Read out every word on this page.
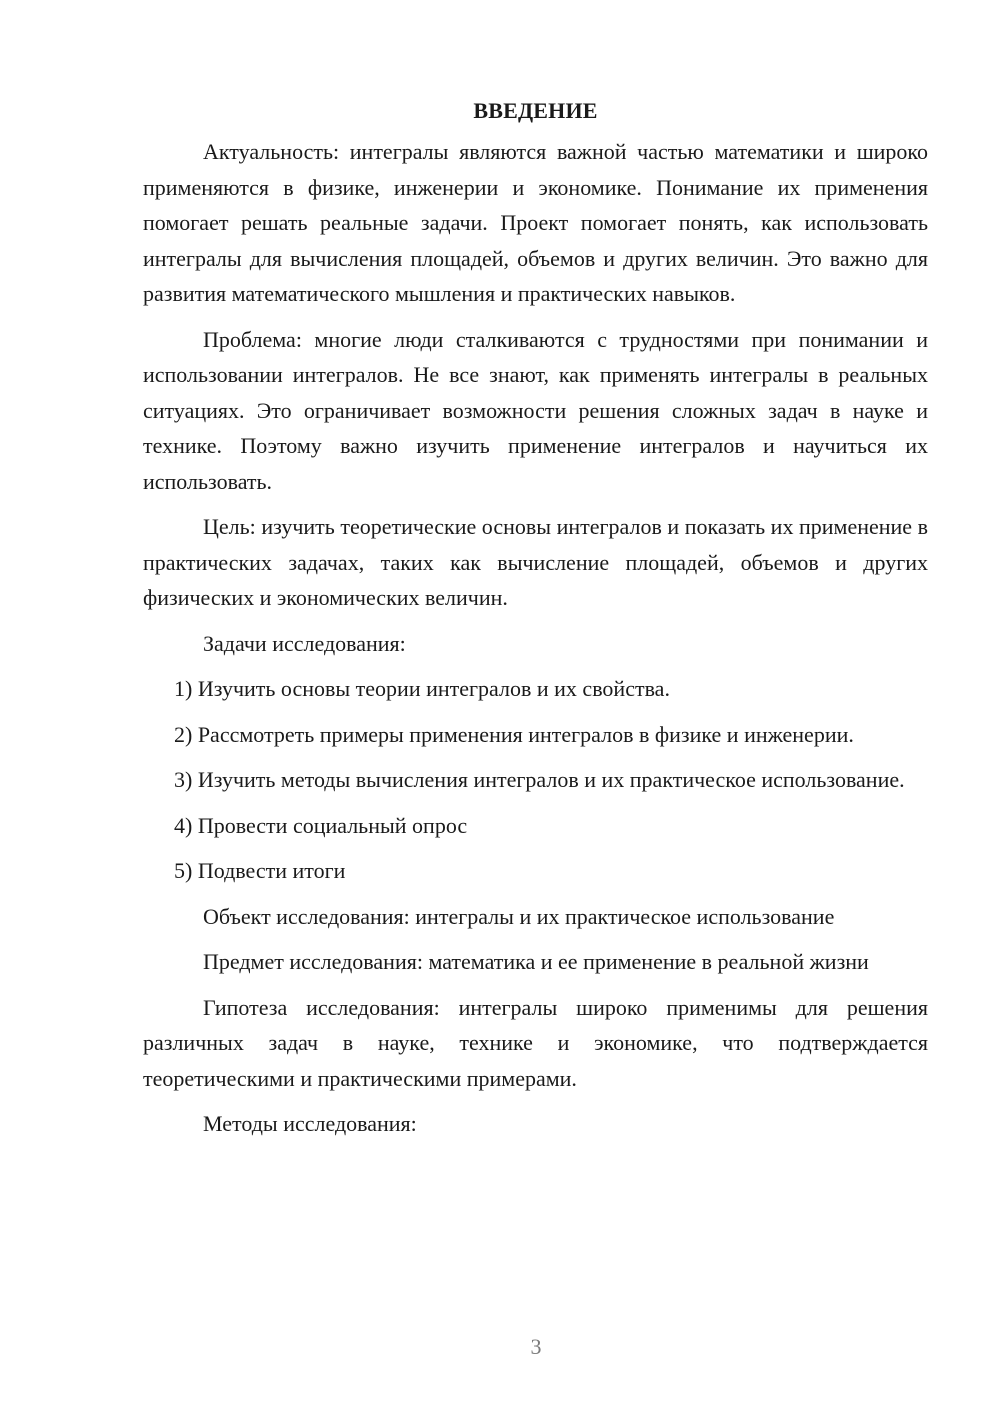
ВВЕДЕНИЕ

Актуальность: интегралы являются важной частью математики и широко применяются в физике, инженерии и экономике. Понимание их применения помогает решать реальные задачи. Проект помогает понять, как использовать интегралы для вычисления площадей, объемов и других величин. Это важно для развития математического мышления и практических навыков.

Проблема: многие люди сталкиваются с трудностями при понимании и использовании интегралов. Не все знают, как применять интегралы в реальных ситуациях. Это ограничивает возможности решения сложных задач в науке и технике. Поэтому важно изучить применение интегралов и научиться их использовать.

Цель: изучить теоретические основы интегралов и показать их применение в практических задачах, таких как вычисление площадей, объемов и других физических и экономических величин.

Задачи исследования:

1) Изучить основы теории интегралов и их свойства.
2) Рассмотреть примеры применения интегралов в физике и инженерии.
3) Изучить методы вычисления интегралов и их практическое использование.
4) Провести социальный опрос
5) Подвести итоги

Объект исследования: интегралы и их практическое использование

Предмет исследования: математика и ее применение в реальной жизни

Гипотеза исследования: интегралы широко применимы для решения различных задач в науке, технике и экономике, что подтверждается теоретическими и практическими примерами.

Методы исследования:

3
